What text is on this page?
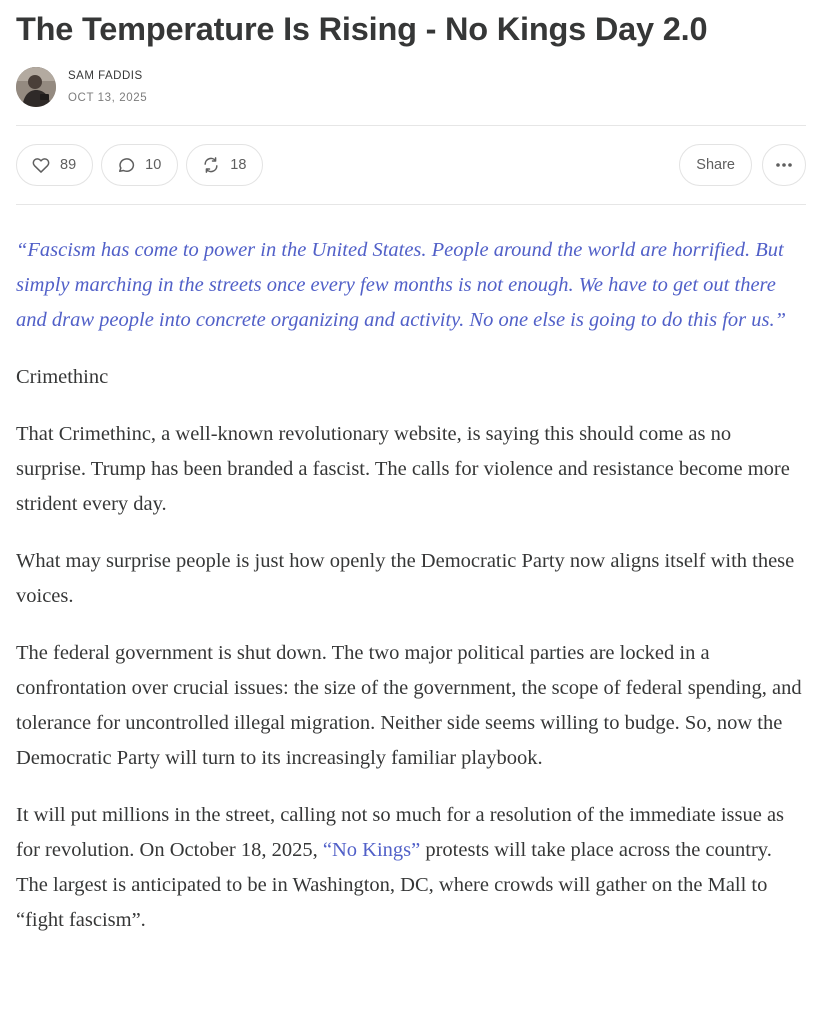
The Temperature Is Rising - No Kings Day 2.0
SAM FADDIS
OCT 13, 2025
89	10	18	Share

“Fascism has come to power in the United States. People around the world are horrified. But simply marching in the streets once every few months is not enough. We have to get out there and draw people into concrete organizing and activity. No one else is going to do this for us.”

Crimethinc

That Crimethinc, a well-known revolutionary website, is saying this should come as no surprise. Trump has been branded a fascist. The calls for violence and resistance become more strident every day.

What may surprise people is just how openly the Democratic Party now aligns itself with these voices.

The federal government is shut down. The two major political parties are locked in a confrontation over crucial issues: the size of the government, the scope of federal spending, and tolerance for uncontrolled illegal migration. Neither side seems willing to budge. So, now the Democratic Party will turn to its increasingly familiar playbook.

It will put millions in the street, calling not so much for a resolution of the immediate issue as for revolution. On October 18, 2025, “No Kings” protests will take place across the country. The largest is anticipated to be in Washington, DC, where crowds will gather on the Mall to “fight fascism”.
